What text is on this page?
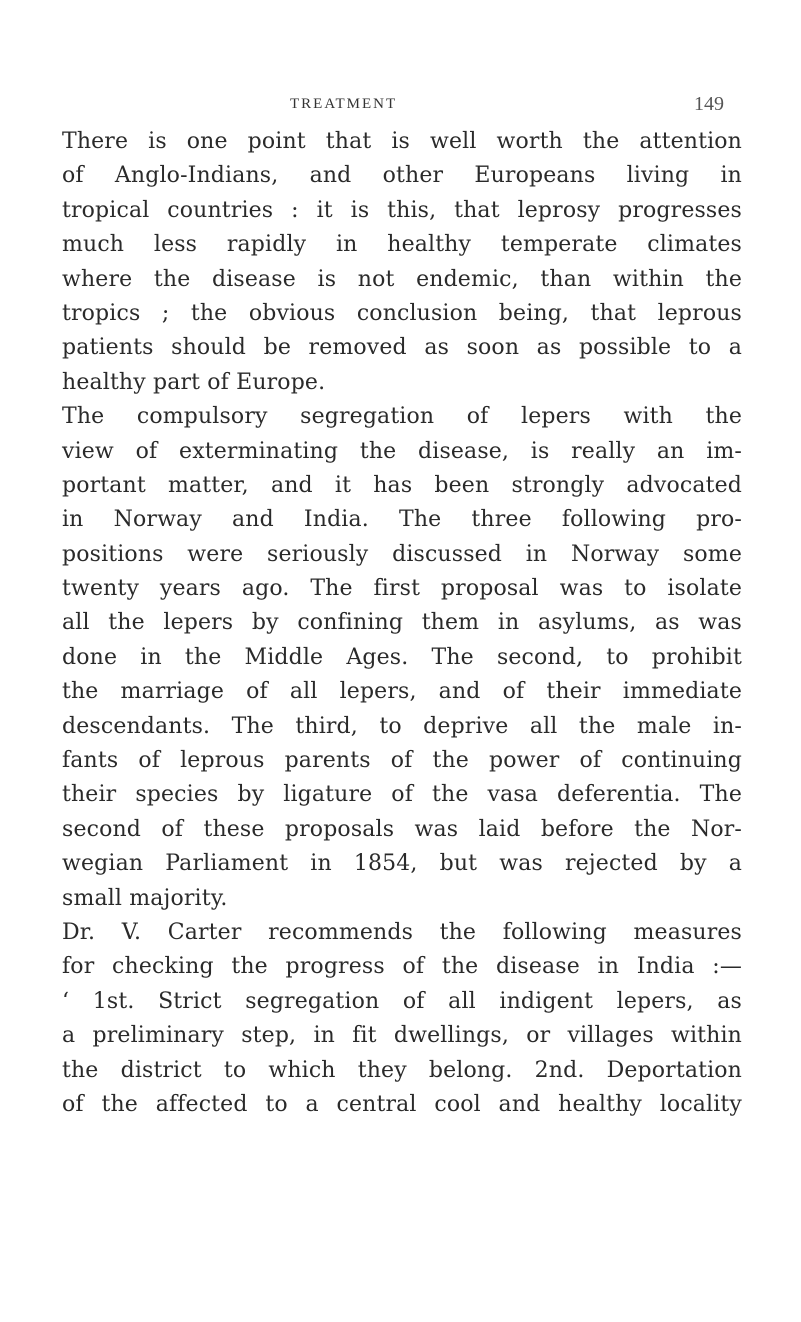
TREATMENT	149
There is one point that is well worth the attention
of Anglo-Indians, and other Europeans living in
tropical countries : it is this, that leprosy progresses
much less rapidly in healthy temperate climates
where the disease is not endemic, than within the
tropics ; the obvious conclusion being, that leprous
patients should be removed as soon as possible to a
healthy part of Europe.
The compulsory segregation of lepers with the
view of exterminating the disease, is really an im-
portant matter, and it has been strongly advocated
in Norway and India. The three following pro-
positions were seriously discussed in Norway some
twenty years ago. The first proposal was to isolate
all the lepers by confining them in asylums, as was
done in the Middle Ages. The second, to prohibit
the marriage of all lepers, and of their immediate
descendants. The third, to deprive all the male in-
fants of leprous parents of the power of continuing
their species by ligature of the vasa deferentia. The
second of these proposals was laid before the Nor-
wegian Parliament in 1854, but was rejected by a
small majority.
Dr. V. Carter recommends the following measures
for checking the progress of the disease in India :—
‘ 1st. Strict segregation of all indigent lepers, as
a preliminary step, in fit dwellings, or villages within
the district to which they belong. 2nd. Deportation
of the affected to a central cool and healthy locality
